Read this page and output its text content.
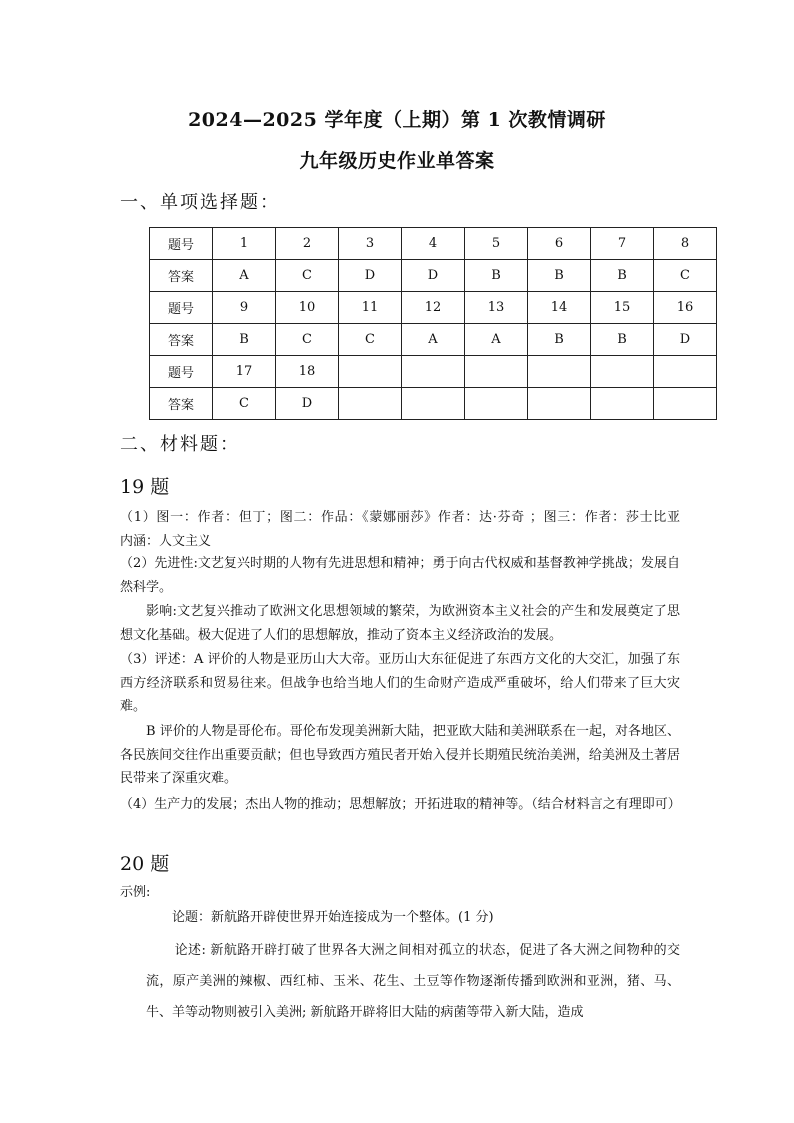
2024—2025 学年度（上期）第 1 次教情调研
九年级历史作业单答案
一、单项选择题：
题号	1	2	3	4	5	6	7	8
答案	A	C	D	D	B	B	B	C
题号	9	10	11	12	13	14	15	16
答案	B	C	C	A	A	B	B	D
题号	17	18						
答案	C	D						
二、材料题：
19 题
（1）图一：作者：但丁；图二：作品：《蒙娜丽莎》作者：达·芬奇 ；图三：作者：莎士比亚　　内涵：人文主义
（2）先进性:文艺复兴时期的人物有先进思想和精神；勇于向古代权威和基督教神学挑战；发展自然科学。
影响:文艺复兴推动了欧洲文化思想领域的繁荣，为欧洲资本主义社会的产生和发展奠定了思想文化基础。极大促进了人们的思想解放，推动了资本主义经济政治的发展。
（3）评述：A 评价的人物是亚历山大大帝。亚历山大东征促进了东西方文化的大交汇，加强了东西方经济联系和贸易往来。但战争也给当地人们的生命财产造成严重破坏，给人们带来了巨大灾难。
B 评价的人物是哥伦布。哥伦布发现美洲新大陆，把亚欧大陆和美洲联系在一起，对各地区、各民族间交往作出重要贡献；但也导致西方殖民者开始入侵并长期殖民统治美洲，给美洲及土著居民带来了深重灾难。
（4）生产力的发展；杰出人物的推动；思想解放；开拓进取的精神等。（结合材料言之有理即可）
20 题
示例:
论题：新航路开辟使世界开始连接成为一个整体。(1 分)
论述: 新航路开辟打破了世界各大洲之间相对孤立的状态，促进了各大洲之间物种的交流，原产美洲的辣椒、西红柿、玉米、花生、土豆等作物逐渐传播到欧洲和亚洲，猪、马、牛、羊等动物则被引入美洲; 新航路开辟将旧大陆的病菌等带入新大陆，造成
